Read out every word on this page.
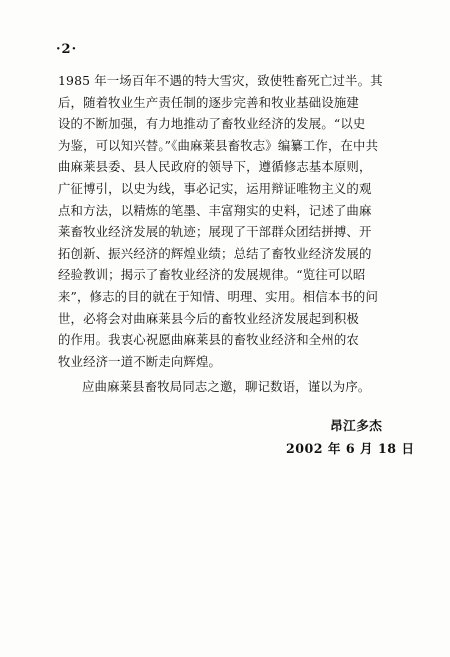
·2·
1985 年一场百年不遇的特大雪灾，致使牲畜死亡过半。其
后，随着牧业生产责任制的逐步完善和牧业基础设施建
设的不断加强，有力地推动了畜牧业经济的发展。“以史
为鉴，可以知兴替。”《曲麻莱县畜牧志》编纂工作，在中共
曲麻莱县委、县人民政府的领导下，遵循修志基本原则，
广征博引，以史为线，事必记实，运用辩证唯物主义的观
点和方法，以精炼的笔墨、丰富翔实的史料，记述了曲麻
莱畜牧业经济发展的轨迹；展现了干部群众团结拼搏、开
拓创新、振兴经济的辉煌业绩；总结了畜牧业经济发展的
经验教训；揭示了畜牧业经济的发展规律。“览往可以昭
来”，修志的目的就在于知情、明理、实用。相信本书的问
世，必将会对曲麻莱县今后的畜牧业经济发展起到积极
的作用。我衷心祝愿曲麻莱县的畜牧业经济和全州的农
牧业经济一道不断走向辉煌。
应曲麻莱县畜牧局同志之邀，聊记数语，谨以为序。
昂江多杰
2002 年 6 月 18 日
